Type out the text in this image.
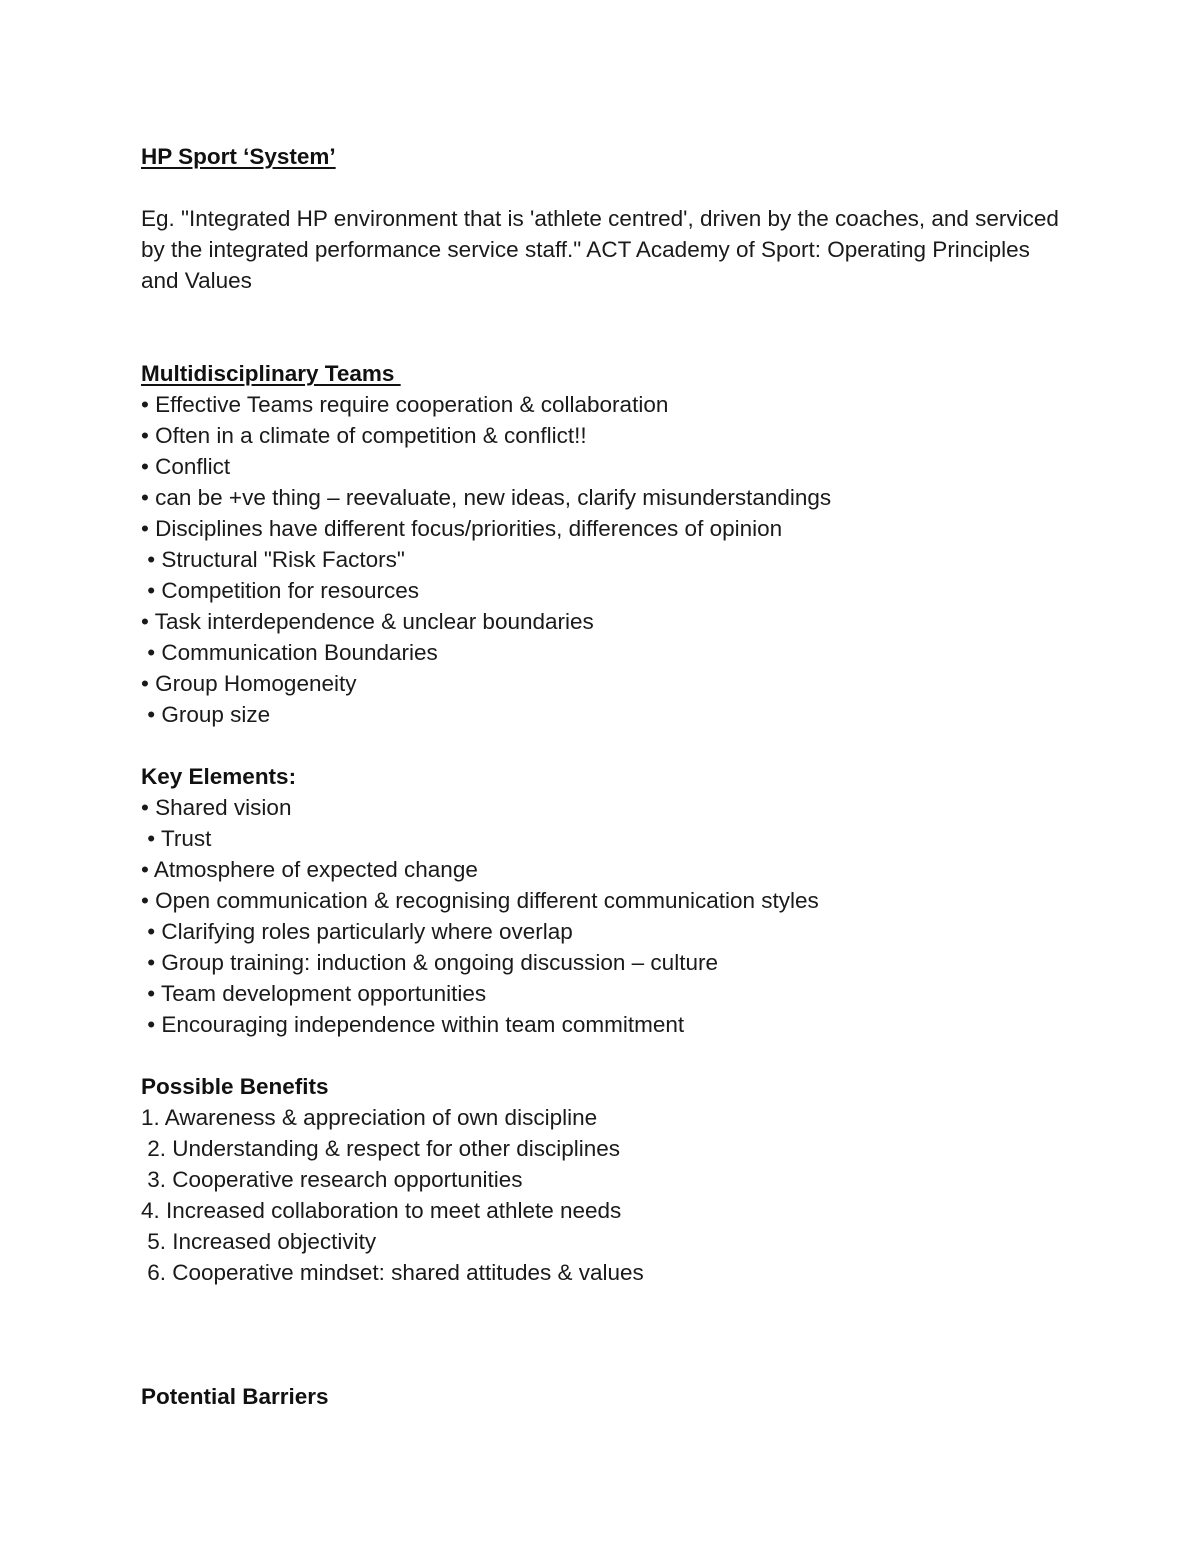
HP Sport ‘System’
Eg. "Integrated HP environment that is 'athlete centred', driven by the coaches, and serviced by the integrated performance service staff." ACT Academy of Sport: Operating Principles and Values
Multidisciplinary Teams
• Effective Teams require cooperation & collaboration
• Often in a climate of competition & conflict!!
• Conflict
• can be +ve thing – reevaluate, new ideas, clarify misunderstandings
• Disciplines have different focus/priorities, differences of opinion
• Structural "Risk Factors"
• Competition for resources
• Task interdependence & unclear boundaries
• Communication Boundaries
• Group Homogeneity
• Group size
Key Elements:
• Shared vision
• Trust
• Atmosphere of expected change
• Open communication & recognising different communication styles
• Clarifying roles particularly where overlap
• Group training: induction & ongoing discussion – culture
• Team development opportunities
• Encouraging independence within team commitment
Possible Benefits
1. Awareness & appreciation of own discipline
2. Understanding & respect for other disciplines
3. Cooperative research opportunities
4. Increased collaboration to meet athlete needs
5. Increased objectivity
6. Cooperative mindset: shared attitudes & values
Potential Barriers
